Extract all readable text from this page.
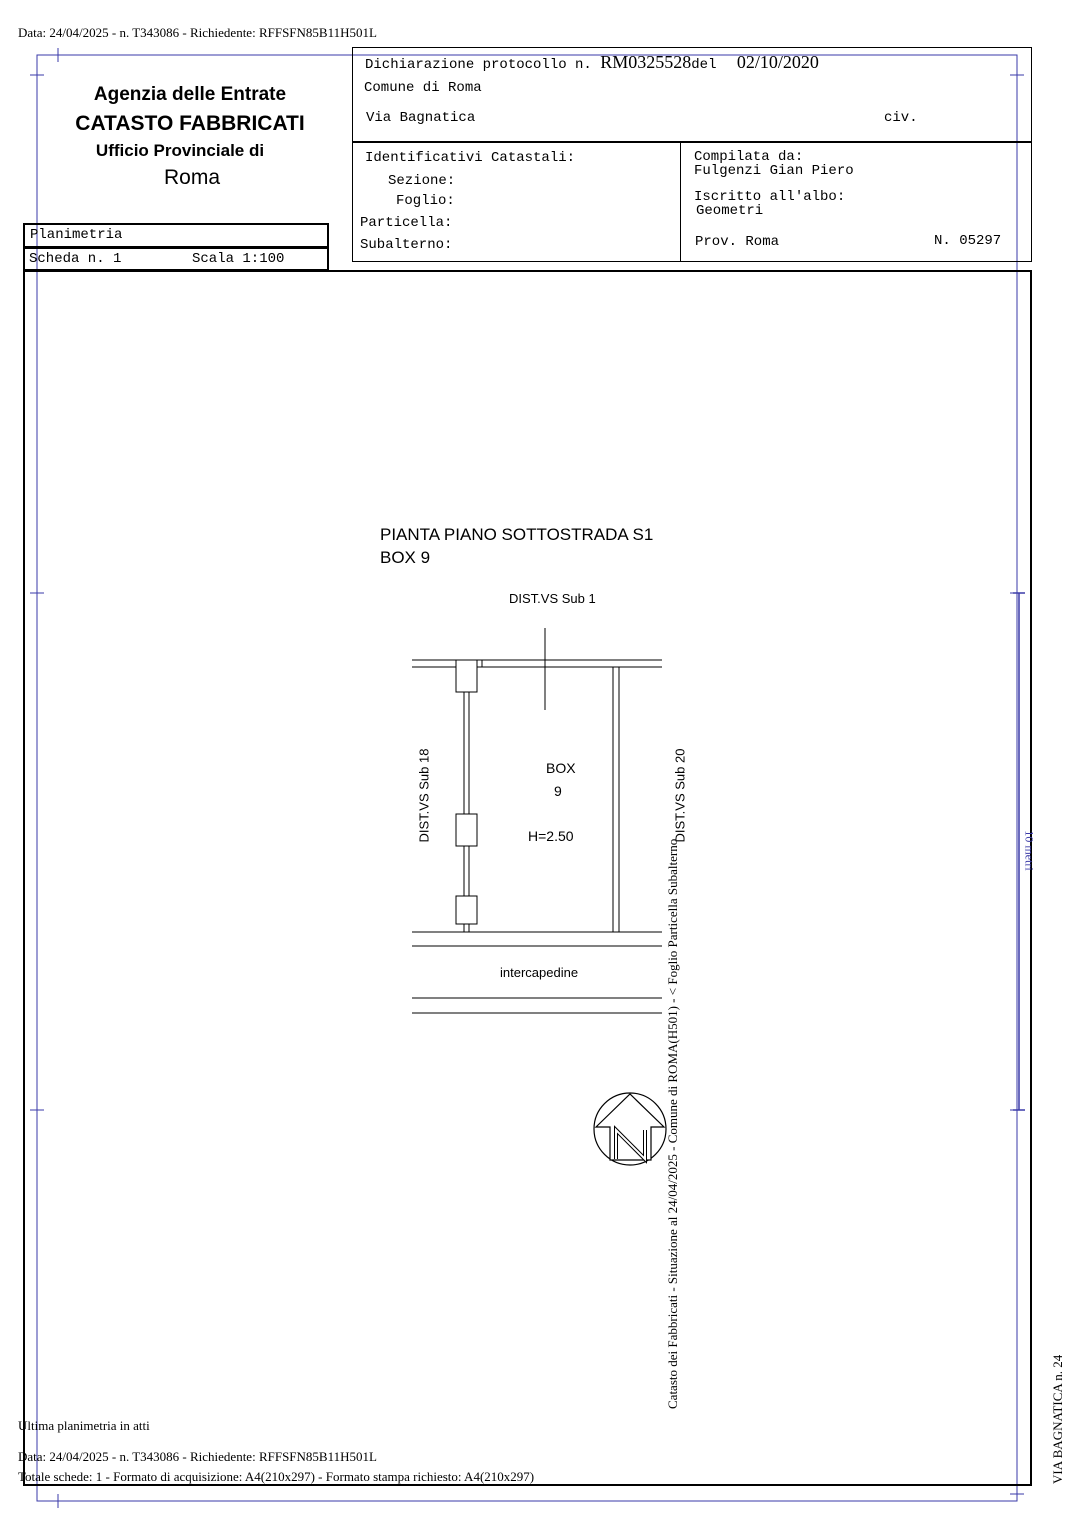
Data: 24/04/2025 - n. T343086 - Richiedente: RFFSFN85B11H501L
Agenzia delle Entrate
CATASTO FABBRICATI
Ufficio Provinciale di
Roma
Dichiarazione protocollo n. RM0325528del 02/10/2020
Comune di Roma
Via Bagnatica	civ.
Identificativi Catastali:
Sezione:
Foglio:
Particella:
Subalterno:
Compilata da:
Fulgenzi Gian Piero
Iscritto all'albo:
Geometri
Prov. Roma	N. 05297
Planimetria
Scheda n. 1	Scala 1:100
PIANTA PIANO SOTTOSTRADA S1
BOX 9
DIST.VS Sub 1
DIST.VS Sub 18	DIST.VS Sub 20
BOX
9
H=2.50
intercapedine	Catasto dei Fabbricati - Situazione al 24/04/2025 - Comune di ROMA(H501) - < Foglio Particella Subalterno
VIA BAGNATICA n. 24
10 metri
Ultima planimetria in atti
Data: 24/04/2025 - n. T343086 - Richiedente: RFFSFN85B11H501L
Totale schede: 1 - Formato di acquisizione: A4(210x297) - Formato stampa richiesto: A4(210x297)
